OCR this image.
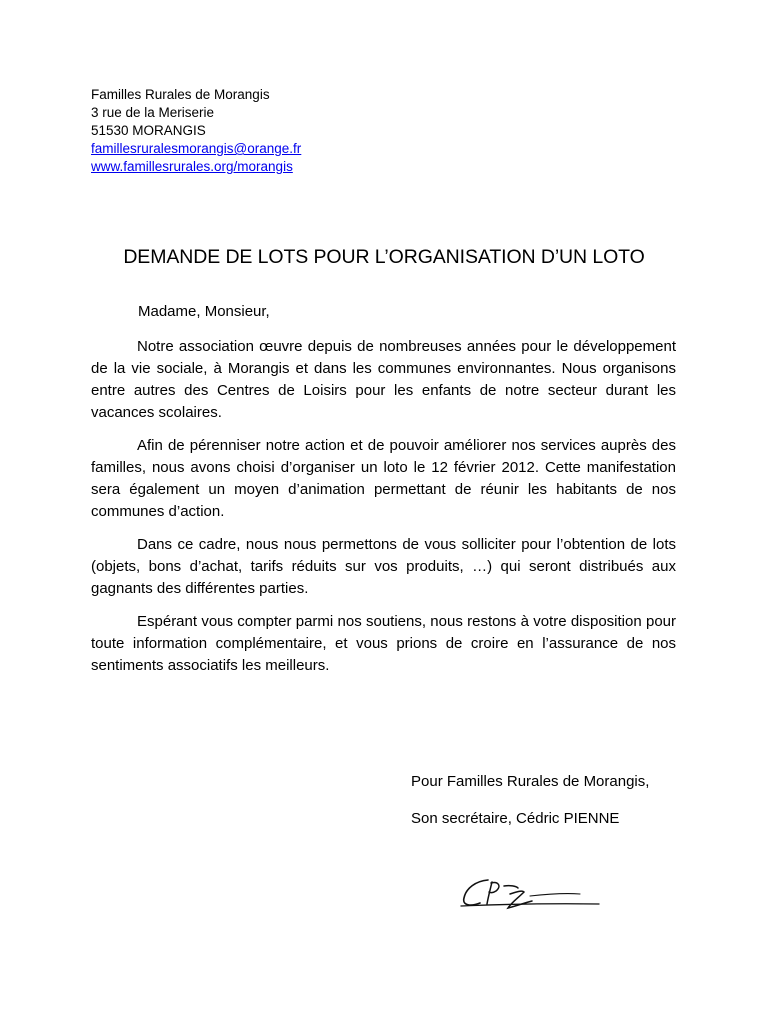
Familles Rurales de Morangis
3 rue de la Meriserie
51530 MORANGIS
famillesruralesmorangis@orange.fr
www.famillesrurales.org/morangis
DEMANDE DE LOTS POUR L’ORGANISATION D’UN LOTO
Madame, Monsieur,

Notre association œuvre depuis de nombreuses années pour le développement de la vie sociale, à Morangis et dans les communes environnantes. Nous organisons entre autres des Centres de Loisirs pour les enfants de notre secteur durant les vacances scolaires.

Afin de pérenniser notre action et de pouvoir améliorer nos services auprès des familles, nous avons choisi d’organiser un loto le 12 février 2012. Cette manifestation sera également un moyen d’animation permettant de réunir les habitants de nos communes d’action.

Dans ce cadre, nous nous permettons de vous solliciter pour l’obtention de lots (objets, bons d’achat, tarifs réduits sur vos produits, …) qui seront distribués aux gagnants des différentes parties.

Espérant vous compter parmi nos soutiens, nous restons à votre disposition pour toute information complémentaire, et vous prions de croire en l’assurance de nos sentiments associatifs les meilleurs.

Pour Familles Rurales de Morangis,
Son secrétaire, Cédric PIENNE
